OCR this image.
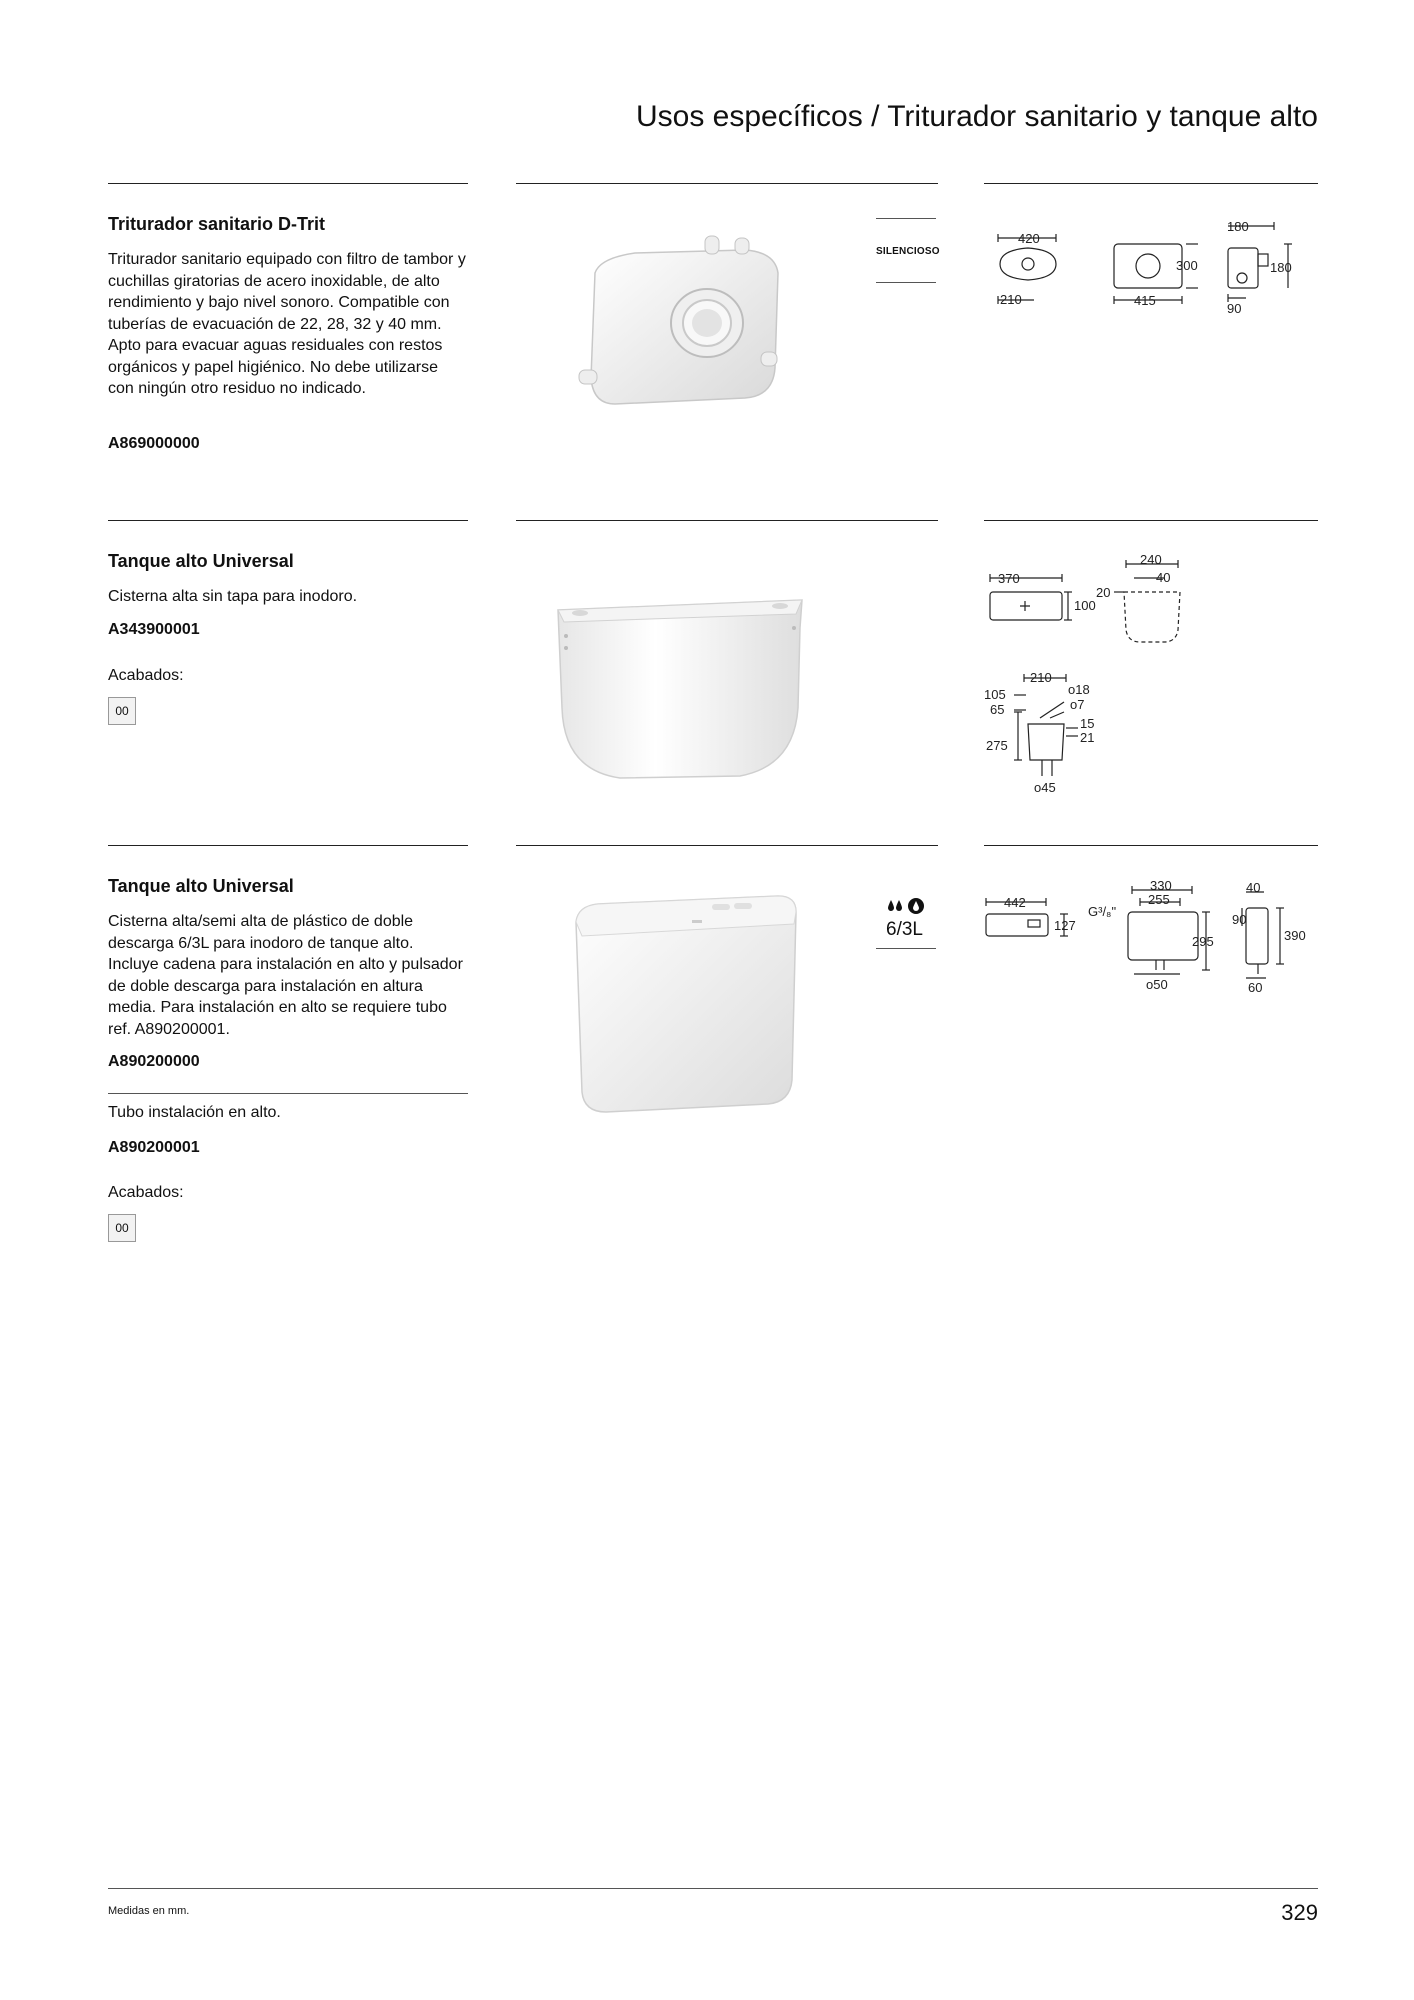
Usos específicos / Triturador sanitario y tanque alto
Triturador sanitario D-Trit
Triturador sanitario equipado con filtro de tambor y cuchillas giratorias de acero inoxidable, de alto rendimiento y bajo nivel sonoro. Compatible con tuberías de evacuación de 22, 28, 32 y 40 mm. Apto para evacuar aguas residuales con restos orgánicos y papel higiénico. No debe utilizarse con ningún otro residuo no indicado.
A869000000
SILENCIOSO
420
210	415
300
180
180
90
Tanque alto Universal
Cisterna alta sin tapa para inodoro.
A343900001
Acabados:
00
370
100
240
40
20
210
105
65
o18
o7
15
21
275
o45
Tanque alto Universal
Cisterna alta/semi alta de plástico de doble descarga 6/3L para inodoro de tanque alto. Incluye cadena para instalación en alto y pulsador de doble descarga para instalación en altura media. Para instalación en alto se requiere tubo ref. A890200001.
A890200000
Tubo instalación en alto.
A890200001
Acabados:
00
6/3L
442
127
330
255
G³/₈"
295
o50
40
90
390
60
Medidas en mm.	329
